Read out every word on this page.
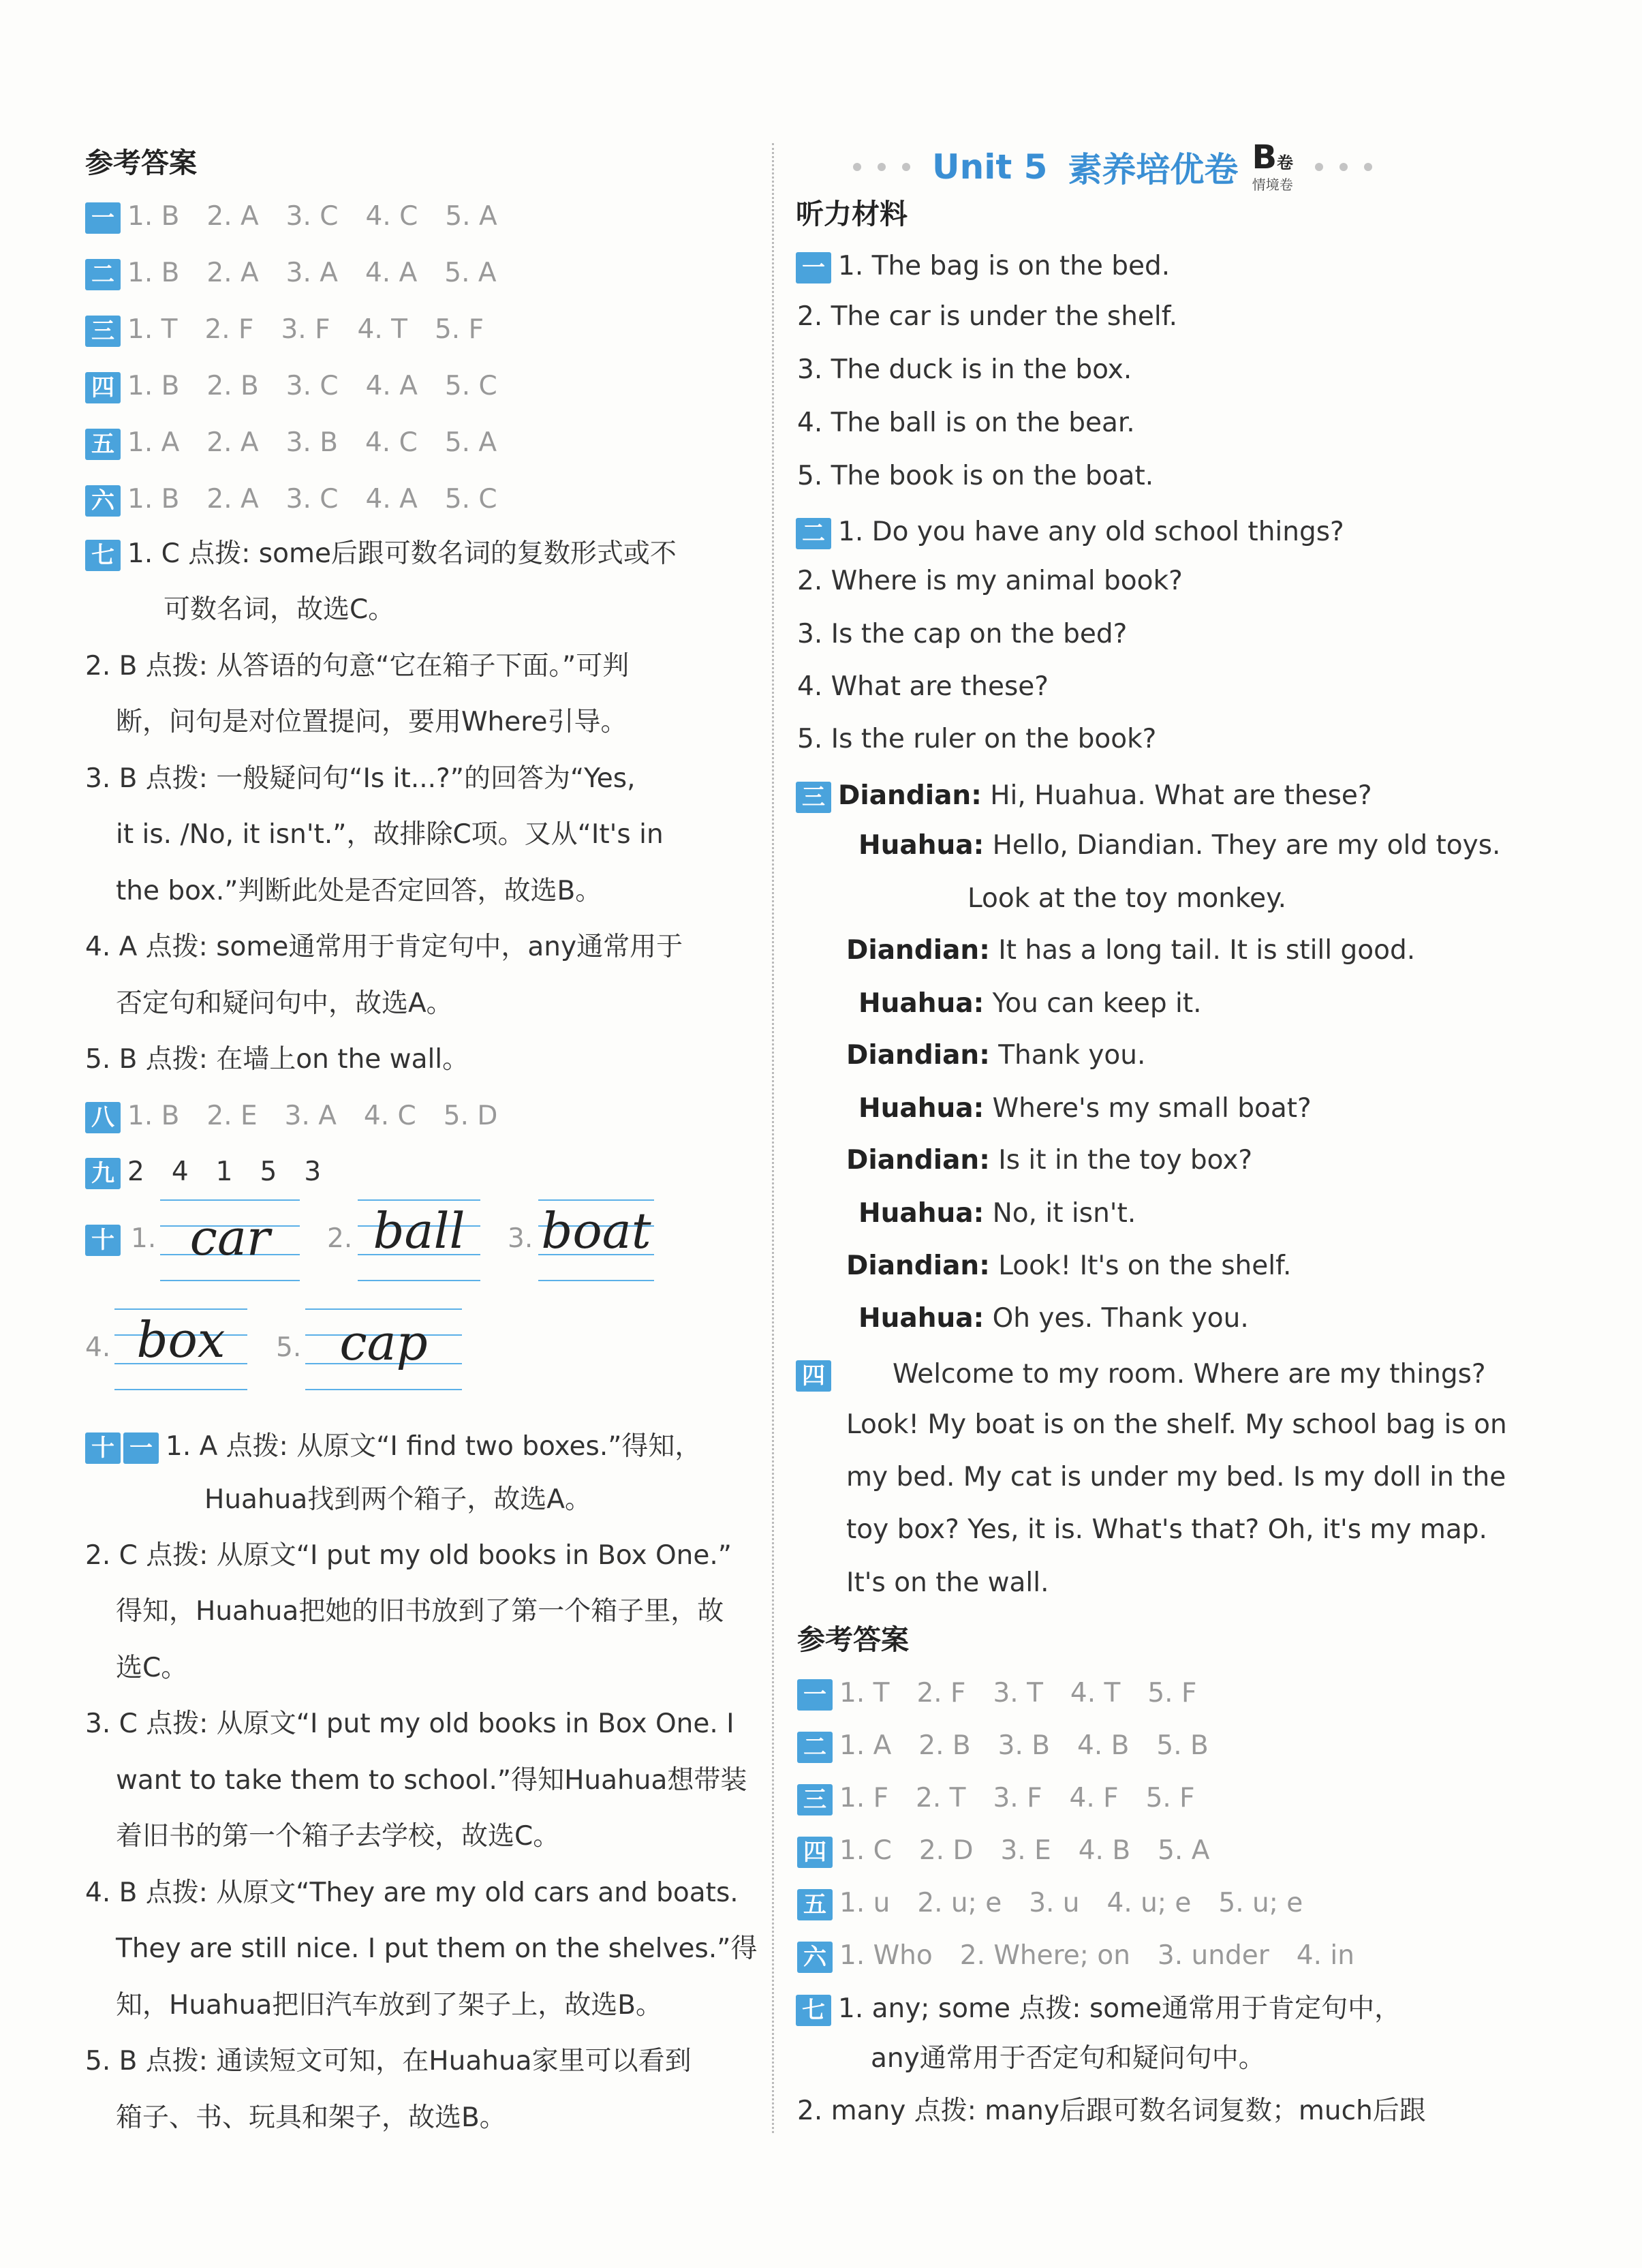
参考答案
一 1. B 2. A 3. C 4. C 5. A
二 1. B 2. A 3. A 4. A 5. A
三 1. T 2. F 3. F 4. T 5. F
四 1. B 2. B 3. C 4. A 5. C
五 1. A 2. A 3. B 4. C 5. A
六 1. B 2. A 3. C 4. A 5. C
七 1. C 点拨: some后跟可数名词的复数形式或不
可数名词，故选C。
2. B 点拨: 从答语的句意“它在箱子下面。”可判
断，问句是对位置提问，要用Where引导。
3. B 点拨: 一般疑问句“Is it...?”的回答为“Yes,
it is. /No, it isn't.”，故排除C项。又从“It's in
the box.”判断此处是否定回答，故选B。
4. A 点拨: some通常用于肯定句中，any通常用于
否定句和疑问句中，故选A。
5. B 点拨: 在墙上on the wall。
八 1. B 2. E 3. A 4. C 5. D
九 2 4 1 5 3
十 1. car	2. ball	3. boat
4. box	5. cap
十 一 1. A 点拨: 从原文“I find two boxes.”得知，
Huahua找到两个箱子，故选A。
2. C 点拨: 从原文“I put my old books in Box One.”
得知，Huahua把她的旧书放到了第一个箱子里，故
选C。
3. C 点拨: 从原文“I put my old books in Box One. I
want to take them to school.”得知Huahua想带装
着旧书的第一个箱子去学校，故选C。
4. B 点拨: 从原文“They are my old cars and boats.
They are still nice. I put them on the shelves.”得
知，Huahua把旧汽车放到了架子上，故选B。
5. B 点拨: 通读短文可知，在Huahua家里可以看到
箱子、书、玩具和架子，故选B。
Unit 5 素养培优卷 B卷
情境卷
听力材料
一 1. The bag is on the bed.
2. The car is under the shelf.
3. The duck is in the box.
4. The ball is on the bear.
5. The book is on the boat.
二 1. Do you have any old school things?
2. Where is my animal book?
3. Is the cap on the bed?
4. What are these?
5. Is the ruler on the book?
三 Diandian: Hi, Huahua. What are these?
Huahua: Hello, Diandian. They are my old toys.
Look at the toy monkey.
Diandian: It has a long tail. It is still good.
Huahua: You can keep it.
Diandian: Thank you.
Huahua: Where's my small boat?
Diandian: Is it in the toy box?
Huahua: No, it isn't.
Diandian: Look! It's on the shelf.
Huahua: Oh yes. Thank you.
四	Welcome to my room. Where are my things?
Look! My boat is on the shelf. My school bag is on
my bed. My cat is under my bed. Is my doll in the
toy box? Yes, it is. What's that? Oh, it's my map.
It's on the wall.
参考答案
一 1. T 2. F 3. T 4. T 5. F
二 1. A 2. B 3. B 4. B 5. B
三 1. F 2. T 3. F 4. F 5. F
四 1. C 2. D 3. E 4. B 5. A
五 1. u 2. u; e 3. u 4. u; e 5. u; e
六 1. Who 2. Where; on 3. under 4. in
七 1. any; some 点拨: some通常用于肯定句中，
any通常用于否定句和疑问句中。
2. many 点拨: many后跟可数名词复数；much后跟
